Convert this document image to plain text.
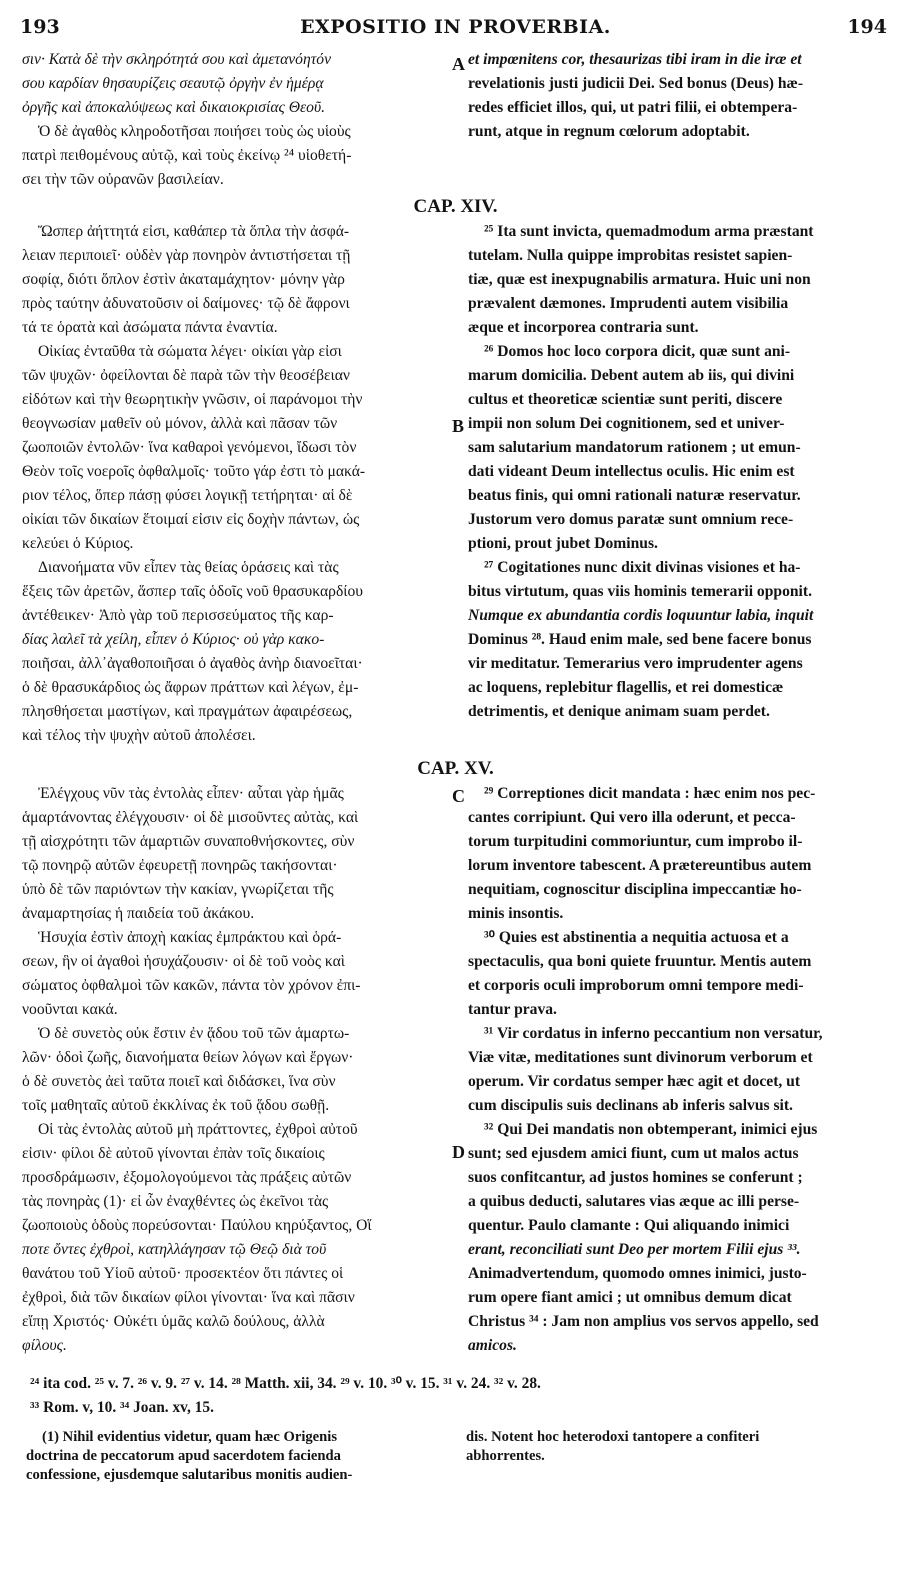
193	EXPOSITIO IN PROVERBIA.	194
A
B
C
D
σιν· Κατὰ δὲ τὴν σκληρότητά σου καὶ ἀμετανόητόν
σου καρδίαν θησαυρίζεις σεαυτῷ ὀργὴν ἐν ἡμέρᾳ
ὀργῆς καὶ ἀποκαλύψεως καὶ δικαιοκρισίας Θεοῦ.
Ὁ δὲ ἀγαθὸς κληροδοτῆσαι ποιήσει τοὺς ὡς υἱοὺς
πατρὶ πειθομένους αὐτῷ, καὶ τοὺς ἐκείνῳ ²⁴ υἱοθετή-
σει τὴν τῶν οὐρανῶν βασιλείαν.
et impœnitens cor, thesaurizas tibi iram in die iræ et
revelationis justi judicii Dei. Sed bonus (Deus) hæ-
redes efficiet illos, qui, ut patri filii, ei obtempera-
runt, atque in regnum cœlorum adoptabit.
CAP. XIV.
Ὥσπερ ἀήττητά εἰσι, καθάπερ τὰ ὅπλα τὴν ἀσφά-
λειαν περιποιεῖ· οὐδὲν γὰρ πονηρὸν ἀντιστήσεται τῇ
σοφίᾳ, διότι ὅπλον ἐστὶν ἀκαταμάχητον· μόνην γὰρ
πρὸς ταύτην ἀδυνατοῦσιν οἱ δαίμονες· τῷ δὲ ἄφρονι
τά τε ὁρατὰ καὶ ἀσώματα πάντα ἐναντία.
Οἰκίας ἐνταῦθα τὰ σώματα λέγει· οἰκίαι γὰρ εἰσι
τῶν ψυχῶν· ὀφείλονται δὲ παρὰ τῶν τὴν θεοσέβειαν
εἰδότων καὶ τὴν θεωρητικὴν γνῶσιν, οἱ παράνομοι τὴν
θεογνωσίαν μαθεῖν οὐ μόνον, ἀλλὰ καὶ πᾶσαν τῶν
ζωοποιῶν ἐντολῶν· ἵνα καθαροὶ γενόμενοι, ἴδωσι τὸν
Θεὸν τοῖς νοεροῖς ὀφθαλμοῖς· τοῦτο γάρ ἐστι τὸ μακά-
ριον τέλος, ὅπερ πάσῃ φύσει λογικῇ τετήρηται· αἱ δὲ
οἰκίαι τῶν δικαίων ἕτοιμαί εἰσιν εἰς δοχὴν πάντων, ὡς
κελεύει ὁ Κύριος.
Διανοήματα νῦν εἶπεν τὰς θείας ὁράσεις καὶ τὰς
ἕξεις τῶν ἀρετῶν, ἅσπερ ταῖς ὁδοῖς νοῦ θρασυκαρδίου
ἀντέθεικεν· Ἀπὸ γὰρ τοῦ περισσεύματος τῆς καρ-
δίας λαλεῖ τὰ χείλη, εἶπεν ὁ Κύριος· οὐ γὰρ κακο-
ποιῆσαι, ἀλλ᾽ἀγαθοποιῆσαι ὁ ἀγαθὸς ἀνὴρ διανοεῖται·
ὁ δὲ θρασυκάρδιος ὡς ἄφρων πράττων καὶ λέγων, ἐμ-
πλησθήσεται μαστίγων, καὶ πραγμάτων ἀφαιρέσεως,
καὶ τέλος τὴν ψυχὴν αὐτοῦ ἀπολέσει.
²⁵ Ita sunt invicta, quemadmodum arma præstant
tutelam. Nulla quippe improbitas resistet sapien-
tiæ, quæ est inexpugnabilis armatura. Huic uni non
prævalent dæmones. Imprudenti autem visibilia
æque et incorporea contraria sunt.
²⁶ Domos hoc loco corpora dicit, quæ sunt ani-
marum domicilia. Debent autem ab iis, qui divini
cultus et theoreticæ scientiæ sunt periti, discere
impii non solum Dei cognitionem, sed et univer-
sam salutarium mandatorum rationem ; ut emun-
dati videant Deum intellectus oculis. Hic enim est
beatus finis, qui omni rationali naturæ reservatur.
Justorum vero domus paratæ sunt omnium rece-
ptioni, prout jubet Dominus.
²⁷ Cogitationes nunc dixit divinas visiones et ha-
bitus virtutum, quas viis hominis temerarii opponit.
Numque ex abundantia cordis loquuntur labia, inquit
Dominus ²⁸. Haud enim male, sed bene facere bonus
vir meditatur. Temerarius vero imprudenter agens
ac loquens, replebitur flagellis, et rei domesticæ
detrimentis, et denique animam suam perdet.
CAP. XV.
Ἐλέγχους νῦν τὰς ἐντολὰς εἶπεν· αὗται γὰρ ἡμᾶς
ἁμαρτάνοντας ἐλέγχουσιν· οἱ δὲ μισοῦντες αὐτὰς, καὶ
τῇ αἰσχρότητι τῶν ἁμαρτιῶν συναποθνήσκοντες, σὺν
τῷ πονηρῷ αὐτῶν ἐφευρετῇ πονηρῶς τακήσονται·
ὑπὸ δὲ τῶν παριόντων τὴν κακίαν, γνωρίζεται τῆς
ἀναμαρτησίας ἡ παιδεία τοῦ ἀκάκου.
Ἡσυχία ἐστὶν ἀποχὴ κακίας ἐμπράκτου καὶ ὁρά-
σεων, ἣν οἱ ἀγαθοὶ ἡσυχάζουσιν· οἱ δὲ τοῦ νοὸς καὶ
σώματος ὀφθαλμοὶ τῶν κακῶν, πάντα τὸν χρόνον ἐπι-
νοοῦνται κακά.
Ὁ δὲ συνετὸς οὐκ ἔστιν ἐν ᾅδου τοῦ τῶν ἁμαρτω-
λῶν· ὁδοὶ ζωῆς, διανοήματα θείων λόγων καὶ ἔργων·
ὁ δὲ συνετὸς ἀεὶ ταῦτα ποιεῖ καὶ διδάσκει, ἵνα σὺν
τοῖς μαθηταῖς αὐτοῦ ἐκκλίνας ἐκ τοῦ ᾅδου σωθῇ.
Οἱ τὰς ἐντολὰς αὐτοῦ μὴ πράττοντες, ἐχθροὶ αὐτοῦ
εἰσιν· φίλοι δὲ αὐτοῦ γίνονται ἐπὰν τοῖς δικαίοις
προσδράμωσιν, ἐξομολογούμενοι τὰς πράξεις αὐτῶν
τὰς πονηρὰς (1)· εἰ ὧν ἐναχθέντες ὡς ἐκεῖνοι τὰς
ζωοποιοὺς ὁδοὺς πορεύσονται· Παύλου κηρύξαντος, Οἵ
ποτε ὄντες ἐχθροὶ, κατηλλάγησαν τῷ Θεῷ διὰ τοῦ
θανάτου τοῦ Υἱοῦ αὐτοῦ· προσεκτέον ὅτι πάντες οἱ
ἐχθροὶ, διὰ τῶν δικαίων φίλοι γίνονται· ἵνα καὶ πᾶσιν
εἴπῃ Χριστός· Οὐκέτι ὑμᾶς καλῶ δούλους, ἀλλὰ
φίλους.
²⁹ Correptiones dicit mandata : hæc enim nos pec-
cantes corripiunt. Qui vero illa oderunt, et pecca-
torum turpitudini commoriuntur, cum improbo il-
lorum inventore tabescent. A prætereuntibus autem
nequitiam, cognoscitur disciplina impeccantiæ ho-
minis insontis.
³⁰ Quies est abstinentia a nequitia actuosa et a
spectaculis, qua boni quiete fruuntur. Mentis autem
et corporis oculi improborum omni tempore medi-
tantur prava.
³¹ Vir cordatus in inferno peccantium non versatur,
Viæ vitæ, meditationes sunt divinorum verborum et
operum. Vir cordatus semper hæc agit et docet, ut
cum discipulis suis declinans ab inferis salvus sit.
³² Qui Dei mandatis non obtemperant, inimici ejus
sunt; sed ejusdem amici fiunt, cum ut malos actus
suos confitcantur, ad justos homines se conferunt ;
a quibus deducti, salutares vias æque ac illi perse-
quentur. Paulo clamante : Qui aliquando inimici
erant, reconciliati sunt Deo per mortem Filii ejus ³³.
Animadvertendum, quomodo omnes inimici, justo-
rum opere fiant amici ; ut omnibus demum dicat
Christus ³⁴ : Jam non amplius vos servos appello, sed
amicos.
²⁴ ita cod. ²⁵ v. 7. ²⁶ v. 9. ²⁷ v. 14. ²⁸ Matth. xii, 34. ²⁹ v. 10. ³⁰ v. 15. ³¹ v. 24. ³² v. 28.
³³ Rom. v, 10. ³⁴ Joan. xv, 15.
(1) Nihil evidentius videtur, quam hæc Origenis
doctrina de peccatorum apud sacerdotem facienda
confessione, ejusdemque salutaribus monitis audien-
dis. Notent hoc heterodoxi tantopere a confiteri
abhorrentes.
